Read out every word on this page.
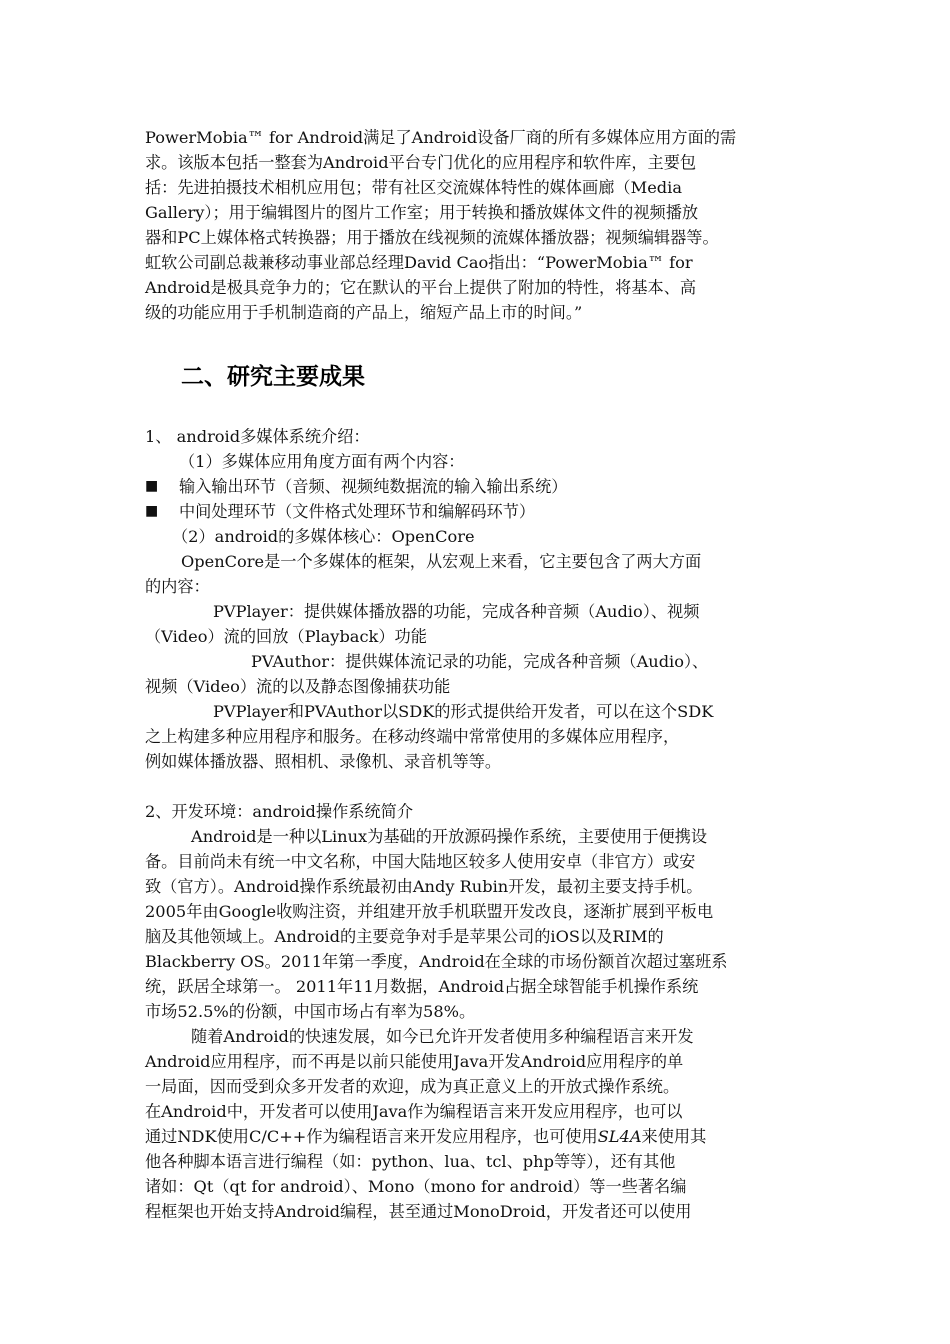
PowerMobia™ for Android满足了Android设备厂商的所有多媒体应用方面的需
求。该版本包括一整套为Android平台专门优化的应用程序和软件库，主要包
括：先进拍摄技术相机应用包；带有社区交流媒体特性的媒体画廊（Media
Gallery）；用于编辑图片的图片工作室；用于转换和播放媒体文件的视频播放
器和PC上媒体格式转换器；用于播放在线视频的流媒体播放器；视频编辑器等。
虹软公司副总裁兼移动事业部总经理David Cao指出：“PowerMobia™ for
Android是极具竞争力的；它在默认的平台上提供了附加的特性，将基本、高
级的功能应用于手机制造商的产品上，缩短产品上市的时间。”
二、研究主要成果
1、 android多媒体系统介绍：
（1）多媒体应用角度方面有两个内容：
■ 输入输出环节（音频、视频纯数据流的输入输出系统）
■ 中间处理环节（文件格式处理环节和编解码环节）
（2）android的多媒体核心：OpenCore
OpenCore是一个多媒体的框架，从宏观上来看，它主要包含了两大方面
的内容：
PVPlayer：提供媒体播放器的功能，完成各种音频（Audio）、视频
（Video）流的回放（Playback）功能
PVAuthor：提供媒体流记录的功能，完成各种音频（Audio）、
视频（Video）流的以及静态图像捕获功能
PVPlayer和PVAuthor以SDK的形式提供给开发者，可以在这个SDK
之上构建多种应用程序和服务。在移动终端中常常使用的多媒体应用程序，
例如媒体播放器、照相机、录像机、录音机等等。
2、开发环境：android操作系统简介
Android是一种以Linux为基础的开放源码操作系统，主要使用于便携设
备。目前尚未有统一中文名称，中国大陆地区较多人使用安卓（非官方）或安
致（官方）。Android操作系统最初由Andy Rubin开发，最初主要支持手机。
2005年由Google收购注资，并组建开放手机联盟开发改良，逐渐扩展到平板电
脑及其他领域上。Android的主要竞争对手是苹果公司的iOS以及RIM的
Blackberry OS。2011年第一季度，Android在全球的市场份额首次超过塞班系
统，跃居全球第一。 2011年11月数据，Android占据全球智能手机操作系统
市场52.5%的份额，中国市场占有率为58%。
随着Android的快速发展，如今已允许开发者使用多种编程语言来开发
Android应用程序，而不再是以前只能使用Java开发Android应用程序的单
一局面，因而受到众多开发者的欢迎，成为真正意义上的开放式操作系统。
在Android中，开发者可以使用Java作为编程语言来开发应用程序，也可以
通过NDK使用C/C++作为编程语言来开发应用程序，也可使用SL4A来使用其
他各种脚本语言进行编程（如：python、lua、tcl、php等等），还有其他
诸如：Qt（qt for android）、Mono（mono for android）等一些著名编
程框架也开始支持Android编程，甚至通过MonoDroid，开发者还可以使用
